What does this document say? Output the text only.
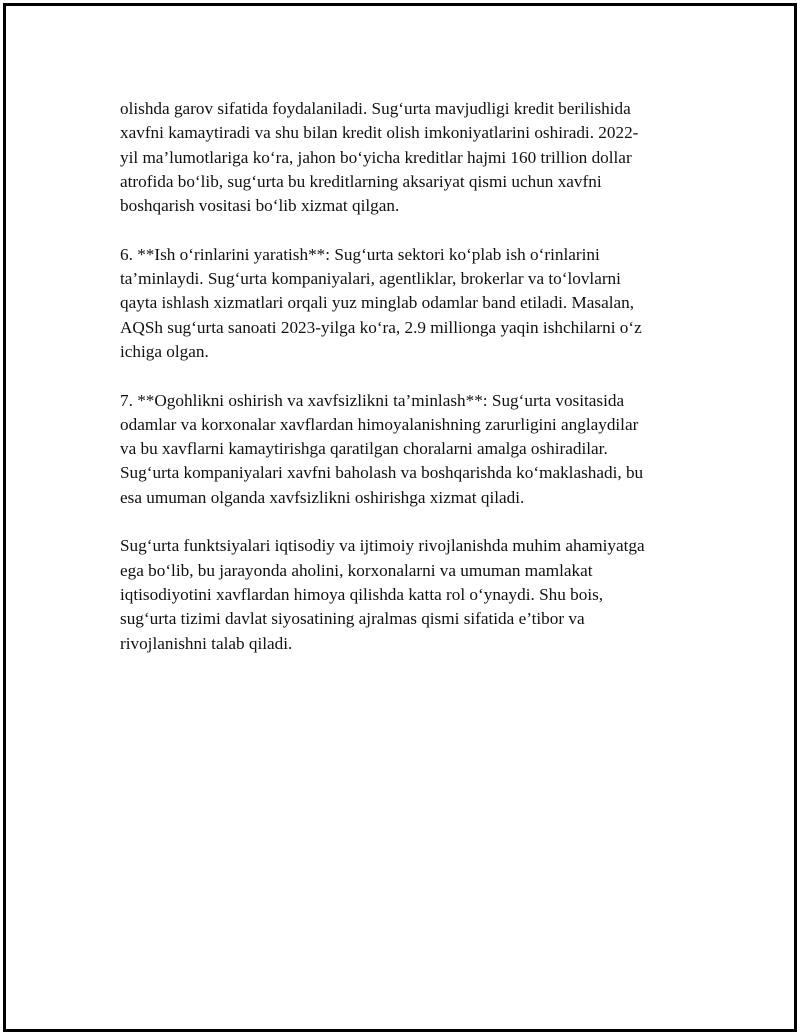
olishda garov sifatida foydalaniladi. Sug‘urta mavjudligi kredit berilishida
xavfni kamaytiradi va shu bilan kredit olish imkoniyatlarini oshiradi. 2022-
yil ma’lumotlariga ko‘ra, jahon bo‘yicha kreditlar hajmi 160 trillion dollar
atrofida bo‘lib, sug‘urta bu kreditlarning aksariyat qismi uchun xavfni
boshqarish vositasi bo‘lib xizmat qilgan.

6. **Ish o‘rinlarini yaratish**: Sug‘urta sektori ko‘plab ish o‘rinlarini
ta’minlaydi. Sug‘urta kompaniyalari, agentliklar, brokerlar va to‘lovlarni
qayta ishlash xizmatlari orqali yuz minglab odamlar band etiladi. Masalan,
AQSh sug‘urta sanoati 2023-yilga ko‘ra, 2.9 millionga yaqin ishchilarni o‘z
ichiga olgan.

7. **Ogohlikni oshirish va xavfsizlikni ta’minlash**: Sug‘urta vositasida
odamlar va korxonalar xavflardan himoyalanishning zarurligini anglaydilar
va bu xavflarni kamaytirishga qaratilgan choralarni amalga oshiradilar.
Sug‘urta kompaniyalari xavfni baholash va boshqarishda ko‘maklashadi, bu
esa umuman olganda xavfsizlikni oshirishga xizmat qiladi.

Sug‘urta funktsiyalari iqtisodiy va ijtimoiy rivojlanishda muhim ahamiyatga
ega bo‘lib, bu jarayonda aholini, korxonalarni va umuman mamlakat
iqtisodiyotini xavflardan himoya qilishda katta rol o‘ynaydi. Shu bois,
sug‘urta tizimi davlat siyosatining ajralmas qismi sifatida e’tibor va
rivojlanishni talab qiladi.
